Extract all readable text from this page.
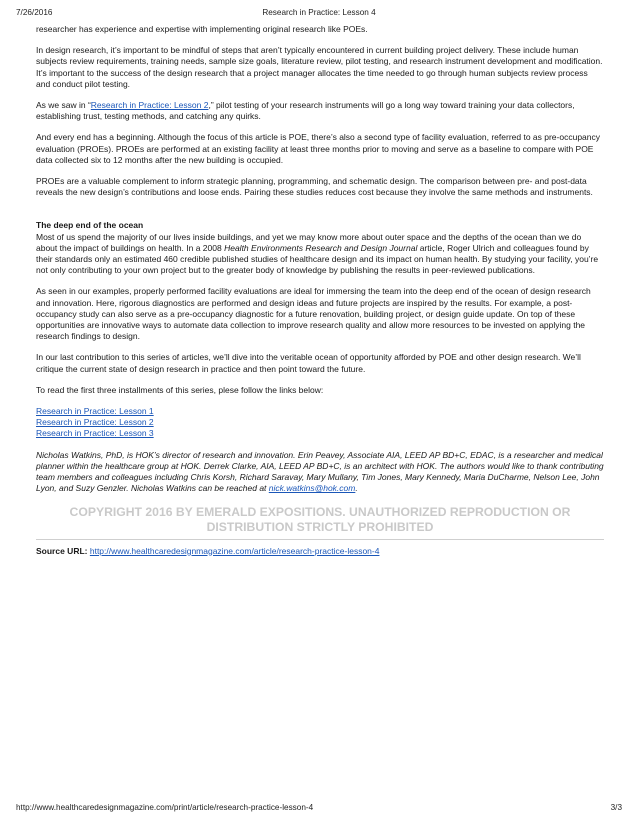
7/26/2016	Research in Practice: Lesson 4

researcher has experience and expertise with implementing original research like POEs.

In design research, it’s important to be mindful of steps that aren’t typically encountered in current building project delivery. These include human subjects review requirements, training needs, sample size goals, literature review, pilot testing, and research instrument development and modification. It’s important to the success of the design research that a project manager allocates the time needed to go through human subjects review process and conduct pilot testing.

As we saw in “Research in Practice: Lesson 2,” pilot testing of your research instruments will go a long way toward training your data collectors, establishing trust, testing methods, and catching any quirks.

And every end has a beginning. Although the focus of this article is POE, there’s also a second type of facility evaluation, referred to as pre-occupancy evaluation (PROEs). PROEs are performed at an existing facility at least three months prior to moving and serve as a baseline to compare with POE data collected six to 12 months after the new building is occupied.

PROEs are a valuable complement to inform strategic planning, programming, and schematic design. The comparison between pre- and post-data reveals the new design’s contributions and loose ends. Pairing these studies reduces cost because they involve the same methods and instruments.

The deep end of the ocean

Most of us spend the majority of our lives inside buildings, and yet we may know more about outer space and the depths of the ocean than we do about the impact of buildings on health. In a 2008 Health Environments Research and Design Journal article, Roger Ulrich and colleagues found by their standards only an estimated 460 credible published studies of healthcare design and its impact on human health. By studying your facility, you’re not only contributing to your own project but to the greater body of knowledge by publishing the results in peer-reviewed publications.

As seen in our examples, properly performed facility evaluations are ideal for immersing the team into the deep end of the ocean of design research and innovation. Here, rigorous diagnostics are performed and design ideas and future projects are inspired by the results. For example, a post-occupancy study can also serve as a pre-occupancy diagnostic for a future renovation, building project, or design guide update. On top of these opportunities are innovative ways to automate data collection to improve research quality and allow more resources to be invested on applying the research findings to design.

In our last contribution to this series of articles, we’ll dive into the veritable ocean of opportunity afforded by POE and other design research. We’ll critique the current state of design research in practice and then point toward the future.

To read the first three installments of this series, plese follow the links below:

Research in Practice: Lesson 1
Research in Practice: Lesson 2
Research in Practice: Lesson 3

Nicholas Watkins, PhD, is HOK’s director of research and innovation. Erin Peavey, Associate AIA, LEED AP BD+C, EDAC, is a researcher and medical planner within the healthcare group at HOK. Derrek Clarke, AIA, LEED AP BD+C, is an architect with HOK. The authors would like to thank contributing team members and colleagues including Chris Korsh, Richard Saravay, Mary Mullany, Tim Jones, Mary Kennedy, Maria DuCharme, Nelson Lee, John Lyon, and Suzy Genzler. Nicholas Watkins can be reached at nick.watkins@hok.com.

COPYRIGHT 2016 BY EMERALD EXPOSITIONS. UNAUTHORIZED REPRODUCTION OR DISTRIBUTION STRICTLY PROHIBITED
Source URL: http://www.healthcaredesignmagazine.com/article/research-practice-lesson-4
http://www.healthcaredesignmagazine.com/print/article/research-practice-lesson-4	3/3
